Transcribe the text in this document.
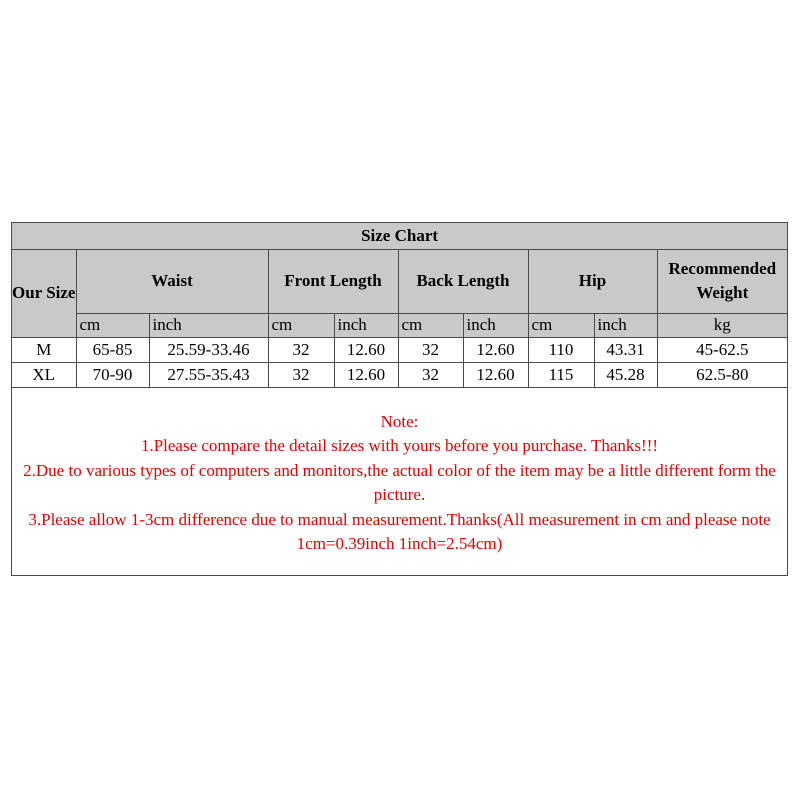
Size Chart									
Our Size	Waist		Front Length		Back Length		Hip		Recommended Weight
	cm	inch	cm	inch	cm	inch	cm	inch	kg
M	65-85	25.59-33.46	32	12.60	32	12.60	110	43.31	45-62.5
XL	70-90	27.55-35.43	32	12.60	32	12.60	115	45.28	62.5-80
Note:
1.Please compare the detail sizes with yours before you purchase. Thanks!!!
2.Due to various types of computers and monitors,the actual color of the item may be a little different form the picture.
3.Please allow 1-3cm difference due to manual measurement.Thanks(All measurement in cm and please note 1cm=0.39inch 1inch=2.54cm)
